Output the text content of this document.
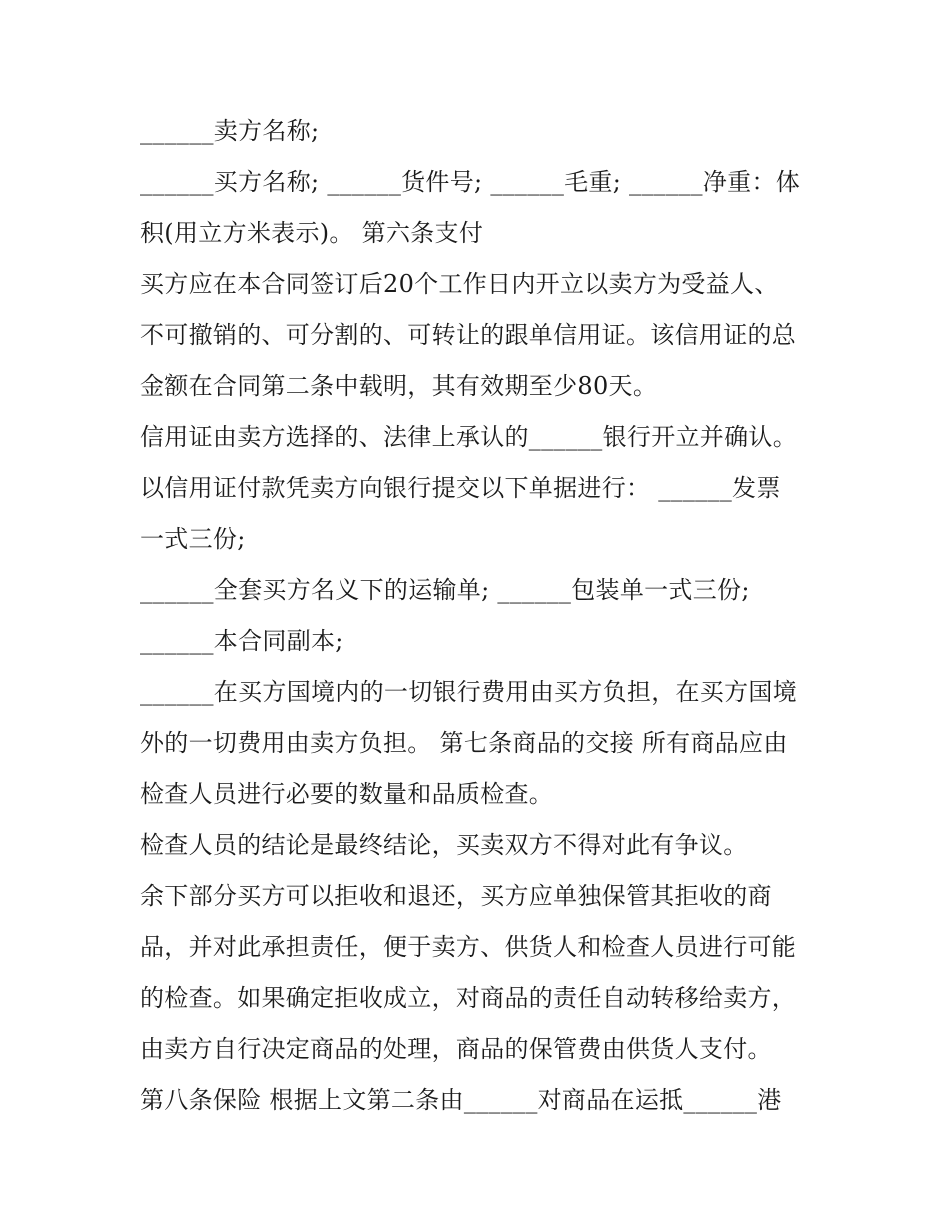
______卖方名称;
______买方名称; ______货件号; ______毛重; ______净重：体
积(用立方米表示)。 第六条支付
买方应在本合同签订后20个工作日内开立以卖方为受益人、
不可撤销的、可分割的、可转让的跟单信用证。该信用证的总
金额在合同第二条中载明，其有效期至少80天。
信用证由卖方选择的、法律上承认的______银行开立并确认。
以信用证付款凭卖方向银行提交以下单据进行： ______发票
一式三份;
______全套买方名义下的运输单; ______包装单一式三份;
______本合同副本;
______在买方国境内的一切银行费用由买方负担，在买方国境
外的一切费用由卖方负担。 第七条商品的交接 所有商品应由
检查人员进行必要的数量和品质检查。
检查人员的结论是最终结论，买卖双方不得对此有争议。
余下部分买方可以拒收和退还，买方应单独保管其拒收的商
品，并对此承担责任，便于卖方、供货人和检查人员进行可能
的检查。如果确定拒收成立，对商品的责任自动转移给卖方，
由卖方自行决定商品的处理，商品的保管费由供货人支付。
第八条保险 根据上文第二条由______对商品在运抵______港
